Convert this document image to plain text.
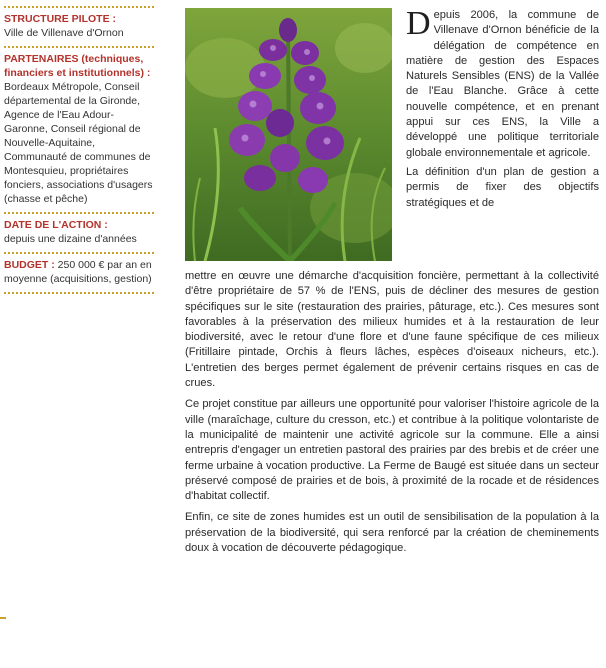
STRUCTURE PILOTE :
Ville de Villenave d'Ornon
PARTENAIRES (techniques, financiers et institutionnels) :
Bordeaux Métropole, Conseil départemental de la Gironde, Agence de l'Eau Adour-Garonne, Conseil régional de Nouvelle-Aquitaine, Communauté de communes de Montesquieu, propriétaires fonciers, associations d'usagers (chasse et pêche)
DATE DE L'ACTION :
depuis une dizaine d'années
BUDGET : 250 000 € par an en moyenne (acquisitions, gestion)

Depuis 2006, la commune de Villenave d'Ornon bénéficie de la délégation de compétence en matière de gestion des Espaces Naturels Sensibles (ENS) de la Vallée de l'Eau Blanche. Grâce à cette nouvelle compétence, et en prenant appui sur ces ENS, la Ville a développé une politique territoriale globale environnementale et agricole.

La définition d'un plan de gestion a permis de fixer des objectifs stratégiques et de

mettre en œuvre une démarche d'acquisition foncière, permettant à la collectivité d'être propriétaire de 57 % de l'ENS, puis de décliner des mesures de gestion spécifiques sur le site (restauration des prairies, pâturage, etc.). Ces mesures sont favorables à la préservation des milieux humides et à la restauration de leur biodiversité, avec le retour d'une flore et d'une faune spécifique de ces milieux (Fritillaire pintade, Orchis à fleurs lâches, espèces d'oiseaux nicheurs, etc.). L'entretien des berges permet également de prévenir certains risques en cas de crues.

Ce projet constitue par ailleurs une opportunité pour valoriser l'histoire agricole de la ville (maraîchage, culture du cresson, etc.) et contribue à la politique volontariste de la municipalité de maintenir une activité agricole sur la commune. Elle a ainsi entrepris d'engager un entretien pastoral des prairies par des brebis et de créer une ferme urbaine à vocation productive. La Ferme de Baugé est située dans un secteur préservé composé de prairies et de bois, à proximité de la rocade et de résidences d'habitat collectif.

Enfin, ce site de zones humides est un outil de sensibilisation de la population à la préservation de la biodiversité, qui sera renforcé par la création de cheminements doux à vocation de découverte pédagogique.
